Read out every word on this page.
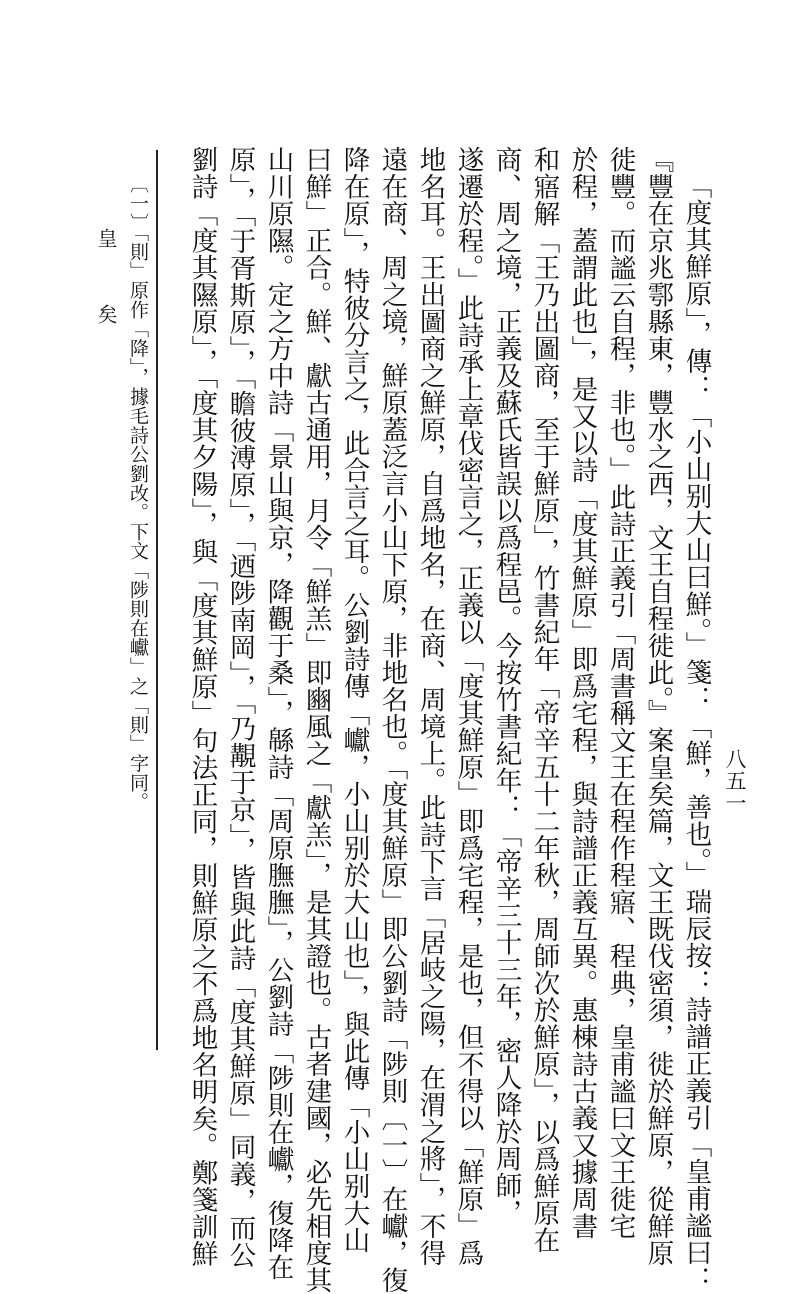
皇　矣
八五一
「度其鮮原」，傳：「小山别大山曰鮮。」箋：「鮮，善也。」瑞辰按：詩譜正義引「皇甫謐曰：
『豐在京兆鄠縣東，豐水之西，文王自程徙此。』案皇矣篇，文王既伐密須，徙於鮮原，從鮮原
徙豐。而謐云自程，非也。」此詩正義引「周書稱文王在程作程寤、程典，皇甫謐曰文王徙宅
於程，蓋謂此也」，是又以詩「度其鮮原」即爲宅程，與詩譜正義互異。惠棟詩古義又據周書
和寤解「王乃出圖商，至于鮮原」，竹書紀年「帝辛五十二年秋，周師次於鮮原」，以爲鮮原在
商、周之境，正義及蘇氏皆誤以爲程邑。今按竹書紀年：「帝辛三十三年，密人降於周師，
遂遷於程。」此詩承上章伐密言之，正義以「度其鮮原」即爲宅程，是也，但不得以「鮮原」爲
地名耳。王出圖商之鮮原，自爲地名，在商、周境上。此詩下言「居岐之陽，在渭之將」，不得
遠在商、周之境，鮮原蓋泛言小山下原，非地名也。「度其鮮原」即公劉詩「陟則〔一〕在巘，復
降在原」，特彼分言之，此合言之耳。公劉詩傳「巘，小山别於大山也」，與此傳「小山别大山
曰鮮」正合。鮮、獻古通用，月令「鮮羔」即豳風之「獻羔」，是其證也。古者建國，必先相度其
山川原隰。定之方中詩「景山與京，降觀于桑」，緜詩「周原膴膴」，公劉詩「陟則在巘，復降在
原」，「于胥斯原」，「瞻彼溥原」，「迺陟南岡」，「乃覯于京」，皆與此詩「度其鮮原」同義，而公
劉詩「度其隰原」，「度其夕陽」，與「度其鮮原」句法正同，則鮮原之不爲地名明矣。鄭箋訓鮮
〔一〕「則」原作「降」，據毛詩公劉改。下文「陟則在巘」之「則」字同。
